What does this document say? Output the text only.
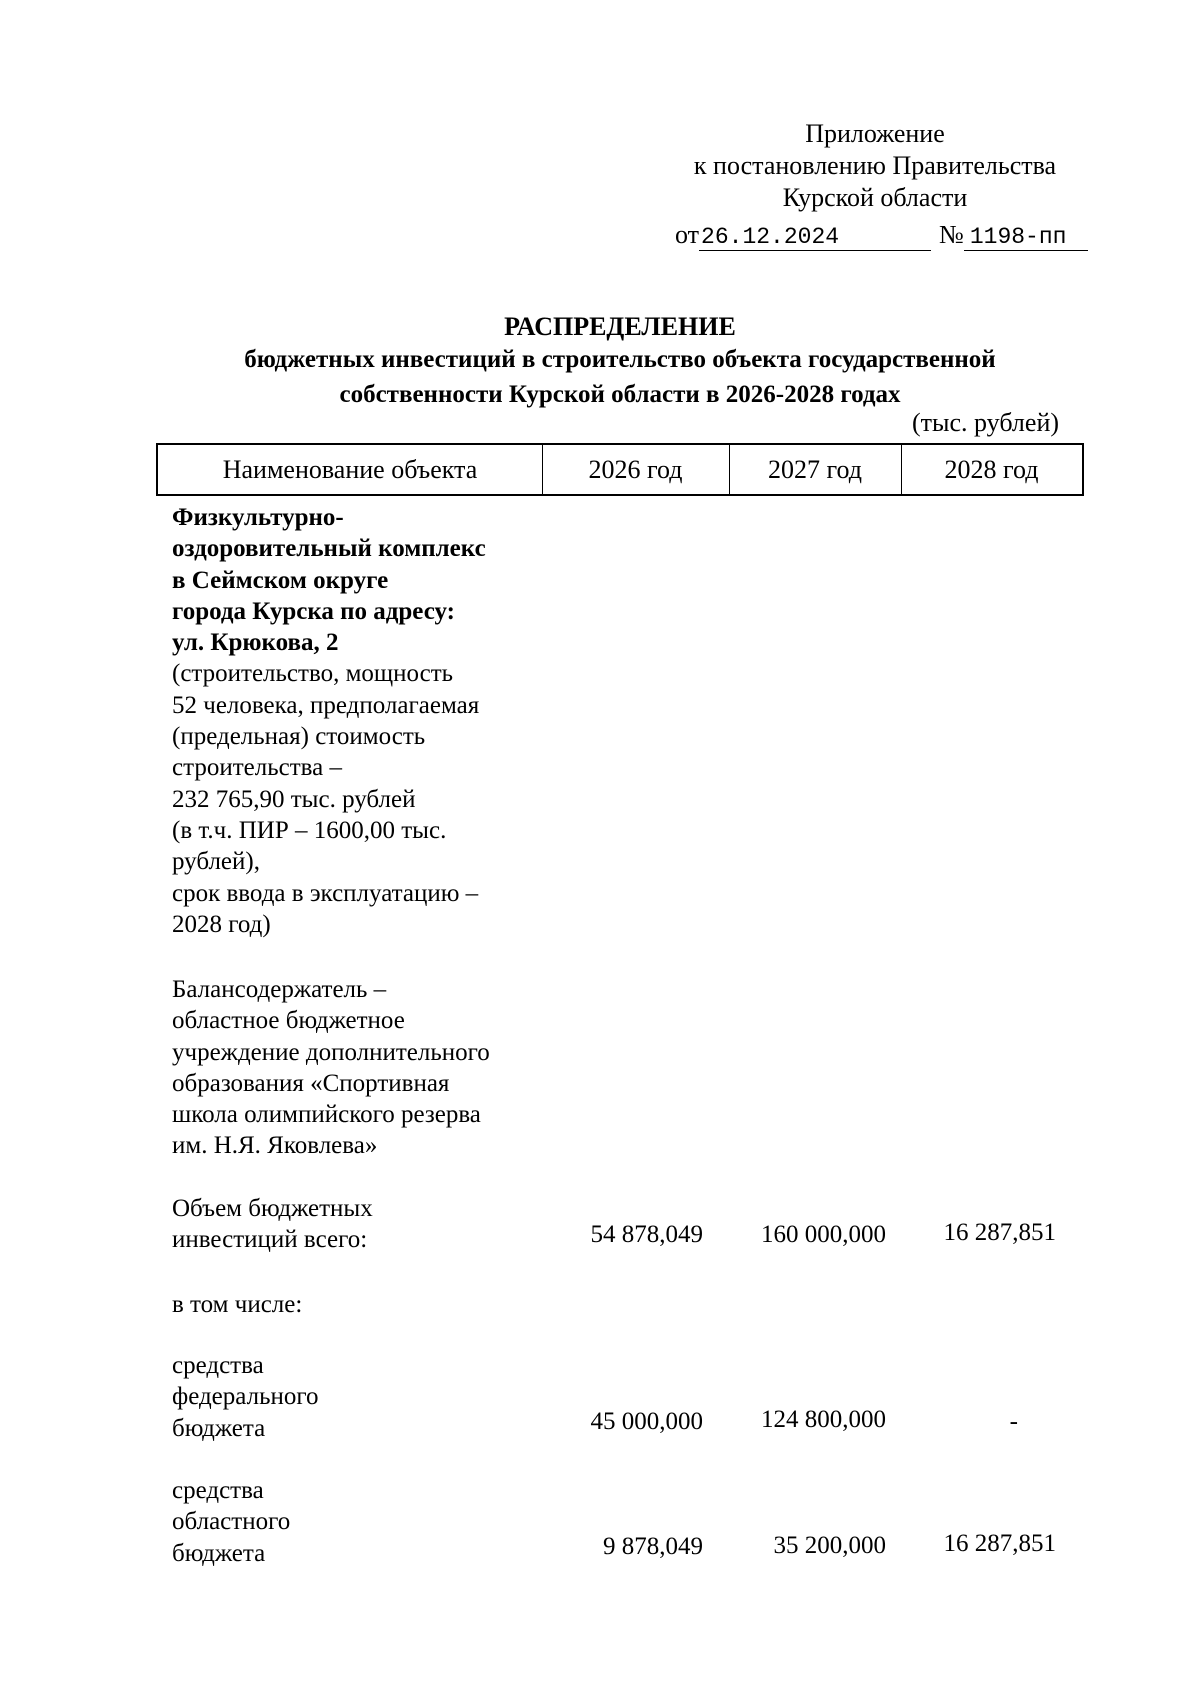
Приложение
к постановлению Правительства
Курской области
от26.12.2024	№ 1198-пп
РАСПРЕДЕЛЕНИЕ
бюджетных инвестиций в строительство объекта государственной
собственности Курской области в 2026-2028 годах
(тыс. рублей)
Наименование объекта	2026 год	2027 год	2028 год
Физкультурно-
оздоровительный комплекс
в Сеймском округе
города Курска по адресу:
ул. Крюкова, 2
(строительство, мощность
52 человека, предполагаемая
(предельная) стоимость
строительства –
232 765,90 тыс. рублей
(в т.ч. ПИР – 1600,00 тыс.
рублей),
срок ввода в эксплуатацию –
2028 год)
Балансодержатель –
областное бюджетное
учреждение дополнительного
образования «Спортивная
школа олимпийского резерва
им. Н.Я. Яковлева»
Объем бюджетных
инвестиций всего:	54 878,049	160 000,000	16 287,851
в том числе:
средства
федерального
бюджета	45 000,000	124 800,000	-
средства
областного
бюджета	9 878,049	35 200,000	16 287,851
